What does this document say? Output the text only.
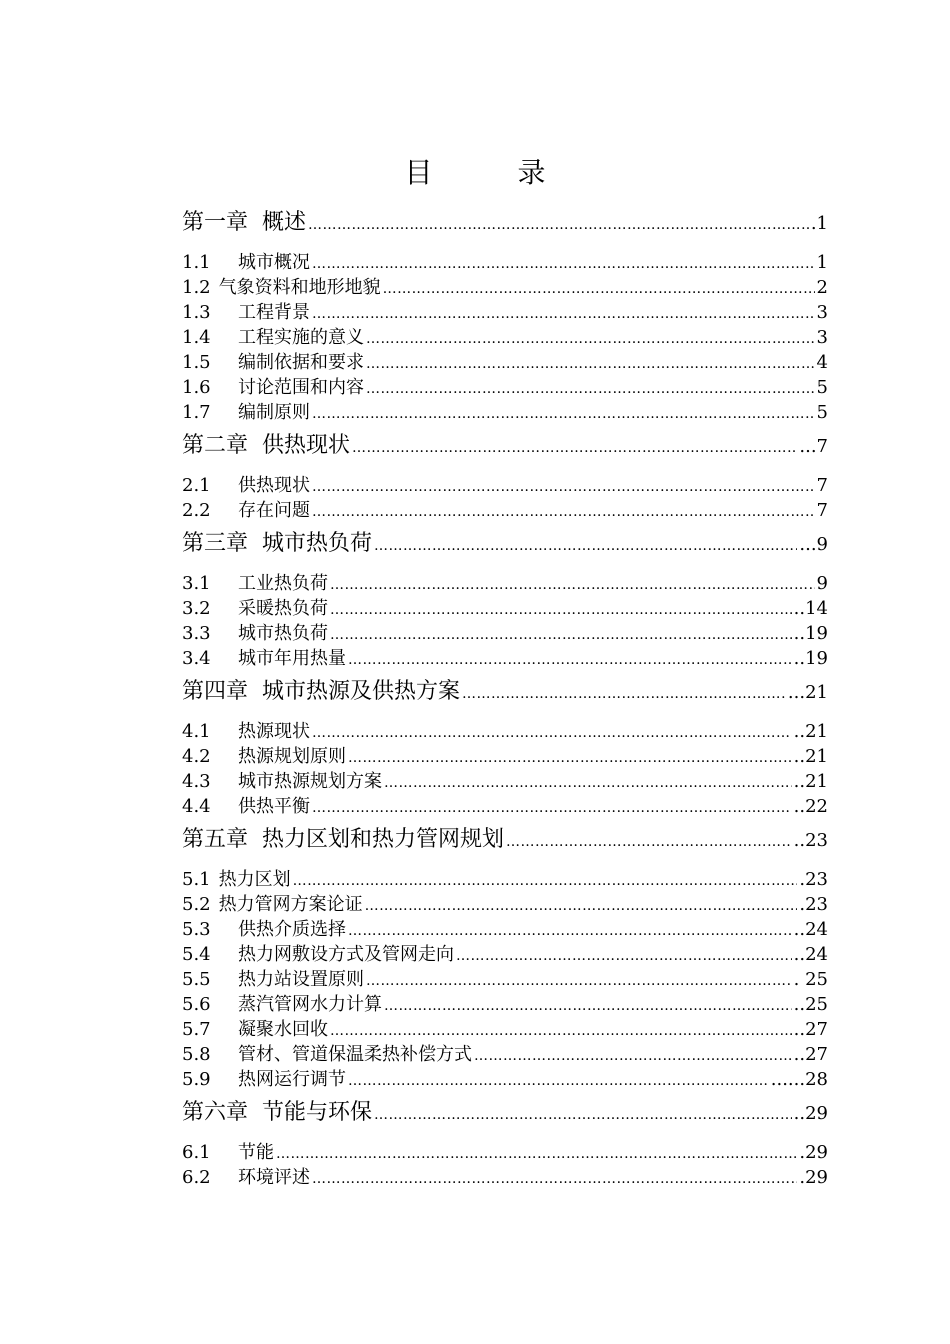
目 录
第一章 概述 …………………………………………………………………………………………………………………………………………………………………………	.1
1.1	城市概况 …………………………………………………………………………………………………………………………………………………………………………	1
1.2 气象资料和地形地貌 …………………………………………………………………………………………………………………………………………………………………………	2
1.3	工程背景 …………………………………………………………………………………………………………………………………………………………………………	3
1.4	工程实施的意义 …………………………………………………………………………………………………………………………………………………………………………	3
1.5	编制依据和要求 …………………………………………………………………………………………………………………………………………………………………………	4
1.6	讨论范围和内容 …………………………………………………………………………………………………………………………………………………………………………	5
1.7	编制原则 …………………………………………………………………………………………………………………………………………………………………………	5
第二章 供热现状 …………………………………………………………………………………………………………………………………………………………………………	...7
2.1	供热现状 …………………………………………………………………………………………………………………………………………………………………………	7
2.2	存在问题 …………………………………………………………………………………………………………………………………………………………………………	7
第三章 城市热负荷 …………………………………………………………………………………………………………………………………………………………………………	...9
3.1	工业热负荷 …………………………………………………………………………………………………………………………………………………………………………	9
3.2	采暖热负荷 …………………………………………………………………………………………………………………………………………………………………………	..14
3.3	城市热负荷 …………………………………………………………………………………………………………………………………………………………………………	..19
3.4	城市年用热量 …………………………………………………………………………………………………………………………………………………………………………	..19
第四章 城市热源及供热方案 …………………………………………………………………………………………………………………………………………………………………………	...21
4.1	热源现状 …………………………………………………………………………………………………………………………………………………………………………	..21
4.2	热源规划原则 …………………………………………………………………………………………………………………………………………………………………………	..21
4.3	城市热源规划方案 …………………………………………………………………………………………………………………………………………………………………………	..21
4.4	供热平衡 …………………………………………………………………………………………………………………………………………………………………………	..22
第五章 热力区划和热力管网规划 …………………………………………………………………………………………………………………………………………………………………………	..23
5.1 热力区划 …………………………………………………………………………………………………………………………………………………………………………	.23
5.2 热力管网方案论证 …………………………………………………………………………………………………………………………………………………………………………	.23
5.3	供热介质选择 …………………………………………………………………………………………………………………………………………………………………………	..24
5.4	热力网敷设方式及管网走向 …………………………………………………………………………………………………………………………………………………………………………	..24
5.5	热力站设置原则 …………………………………………………………………………………………………………………………………………………………………………	. 25
5.6	蒸汽管网水力计算 …………………………………………………………………………………………………………………………………………………………………………	..25
5.7	凝聚水回收 …………………………………………………………………………………………………………………………………………………………………………	..27
5.8	管材、管道保温柔热补偿方式 …………………………………………………………………………………………………………………………………………………………………………	..27
5.9	热网运行调节 …………………………………………………………………………………………………………………………………………………………………………	......28
第六章 节能与环保 …………………………………………………………………………………………………………………………………………………………………………	..29
6.1	节能 …………………………………………………………………………………………………………………………………………………………………………	.29
6.2	环境评述 …………………………………………………………………………………………………………………………………………………………………………	.29
